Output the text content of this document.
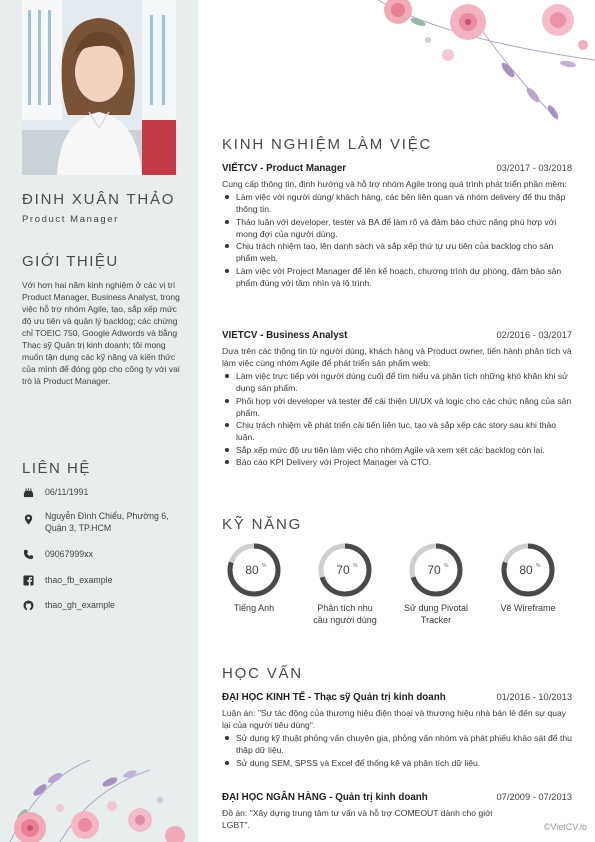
ĐINH XUÂN THẢO
Product Manager
GIỚI THIỆU
Với hơn hai năm kinh nghiệm ở các vị trí Product Manager, Business Analyst, trong việc hỗ trợ nhóm Agile, tạo, sắp xếp mức độ ưu tiên và quản lý backlog; các chứng chỉ TOEIC 750, Google Adwords và bằng Thạc sỹ Quản trị kinh doanh; tôi mong muốn tận dụng các kỹ năng và kiến thức của mình để đóng góp cho công ty với vai trò là Product Manager.
LIÊN HỆ
06/11/1991
Nguyễn Đình Chiểu, Phường 6, Quận 3, TP.HCM
09067999xx
thao_fb_example
thao_gh_example
KINH NGHIỆM LÀM VIỆC
VIẾTCV - Product Manager	03/2017 - 03/2018
Cung cấp thông tin, định hướng và hỗ trợ nhóm Agile trong quá trình phát triển phần mềm:
Làm việc với người dùng/ khách hàng, các bên liên quan và nhóm delivery để thu thập thông tin.
Thảo luận với developer, tester và BA để làm rõ và đảm bảo chức năng phù hợp với mong đợi của người dùng.
Chịu trách nhiệm tạo, lên danh sách và sắp xếp thứ tự ưu tiên của backlog cho sản phẩm web.
Làm việc với Project Manager để lên kế hoạch, chương trình dự phòng, đảm bảo sản phẩm đúng với tầm nhìn và lộ trình.
VIETCV - Business Analyst	02/2016 - 03/2017
Dựa trên các thông tin từ người dùng, khách hàng và Product owner, tiến hành phân tích và làm việc cùng nhóm Agile để phát triển sản phẩm web:
Làm việc trực tiếp với người dùng cuối để tìm hiểu và phân tích những khó khăn khi sử dụng sản phẩm.
Phối hợp với developer và tester để cải thiện UI/UX và logic cho các chức năng của sản phẩm.
Chịu trách nhiệm về phát triển cải tiến liên tục, tạo và sắp xếp các story sau khi thảo luận.
Sắp xếp mức độ ưu tiên làm việc cho nhóm Agile và xem xét các backlog còn lại.
Báo cáo KPI Delivery với Project Manager và CTO.
KỸ NĂNG
80 %
Tiếng Anh
70 %
Phân tích nhu cầu người dùng
70 %
Sử dụng Pivotal Tracker
80 %
Vẽ Wireframe
HỌC VẤN
ĐẠI HỌC KINH TẾ - Thạc sỹ Quản trị kinh doanh	01/2016 - 10/2013
Luận án: "Sự tác động của thương hiệu điện thoại và thương hiệu nhà bán lẻ đến sự quay lại của người tiêu dùng".
Sử dụng kỹ thuật phỏng vấn chuyên gia, phỏng vấn nhóm và phát phiếu khảo sát để thu thập dữ liệu.
Sử dụng SEM, SPSS và Excel để thống kê và phân tích dữ liệu.
ĐẠI HỌC NGÂN HÀNG - Quản trị kinh doanh	07/2009 - 07/2013
Đồ án: "Xây dựng trung tâm tư vấn và hỗ trợ COMEOUT dành cho giới LGBT".	©VietCV.io
